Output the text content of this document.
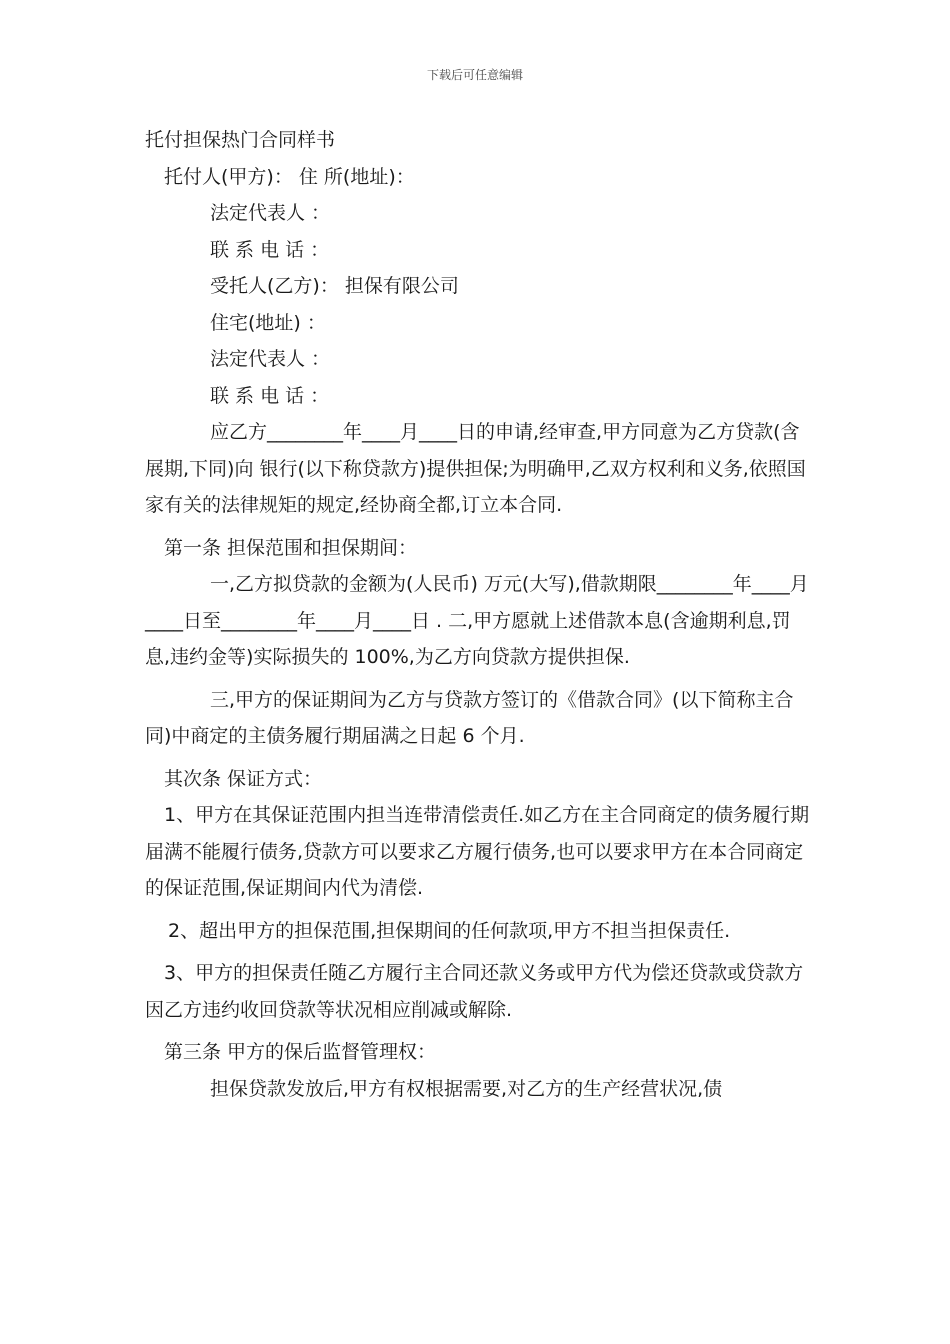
下载后可任意编辑

托付担保热门合同样书

托付人(甲方)： 住 所(地址)：

法定代表人 ：

联 系 电 话 ：

受托人(乙方)： 担保有限公司

住宅(地址) ：

法定代表人 ：

联 系 电 话 ：

应乙方________年____月____日的申请,经审查,甲方同意为乙方贷款(含展期,下同)向 银行(以下称贷款方)提供担保;为明确甲,乙双方权利和义务,依照国家有关的法律规矩的规定,经协商全都,订立本合同.

第一条 担保范围和担保期间：

一,乙方拟贷款的金额为(人民币) 万元(大写),借款期限________年____月____日至________年____月____日 . 二,甲方愿就上述借款本息(含逾期利息,罚息,违约金等)实际损失的 100%,为乙方向贷款方提供担保.

三,甲方的保证期间为乙方与贷款方签订的《借款合同》(以下简称主合同)中商定的主债务履行期届满之日起 6 个月.

其次条 保证方式：

1、甲方在其保证范围内担当连带清偿责任.如乙方在主合同商定的债务履行期届满不能履行债务,贷款方可以要求乙方履行债务,也可以要求甲方在本合同商定的保证范围,保证期间内代为清偿.

2、超出甲方的担保范围,担保期间的任何款项,甲方不担当担保责任.

3、甲方的担保责任随乙方履行主合同还款义务或甲方代为偿还贷款或贷款方因乙方违约收回贷款等状况相应削减或解除.

第三条 甲方的保后监督管理权：

担保贷款发放后,甲方有权根据需要,对乙方的生产经营状况,债
